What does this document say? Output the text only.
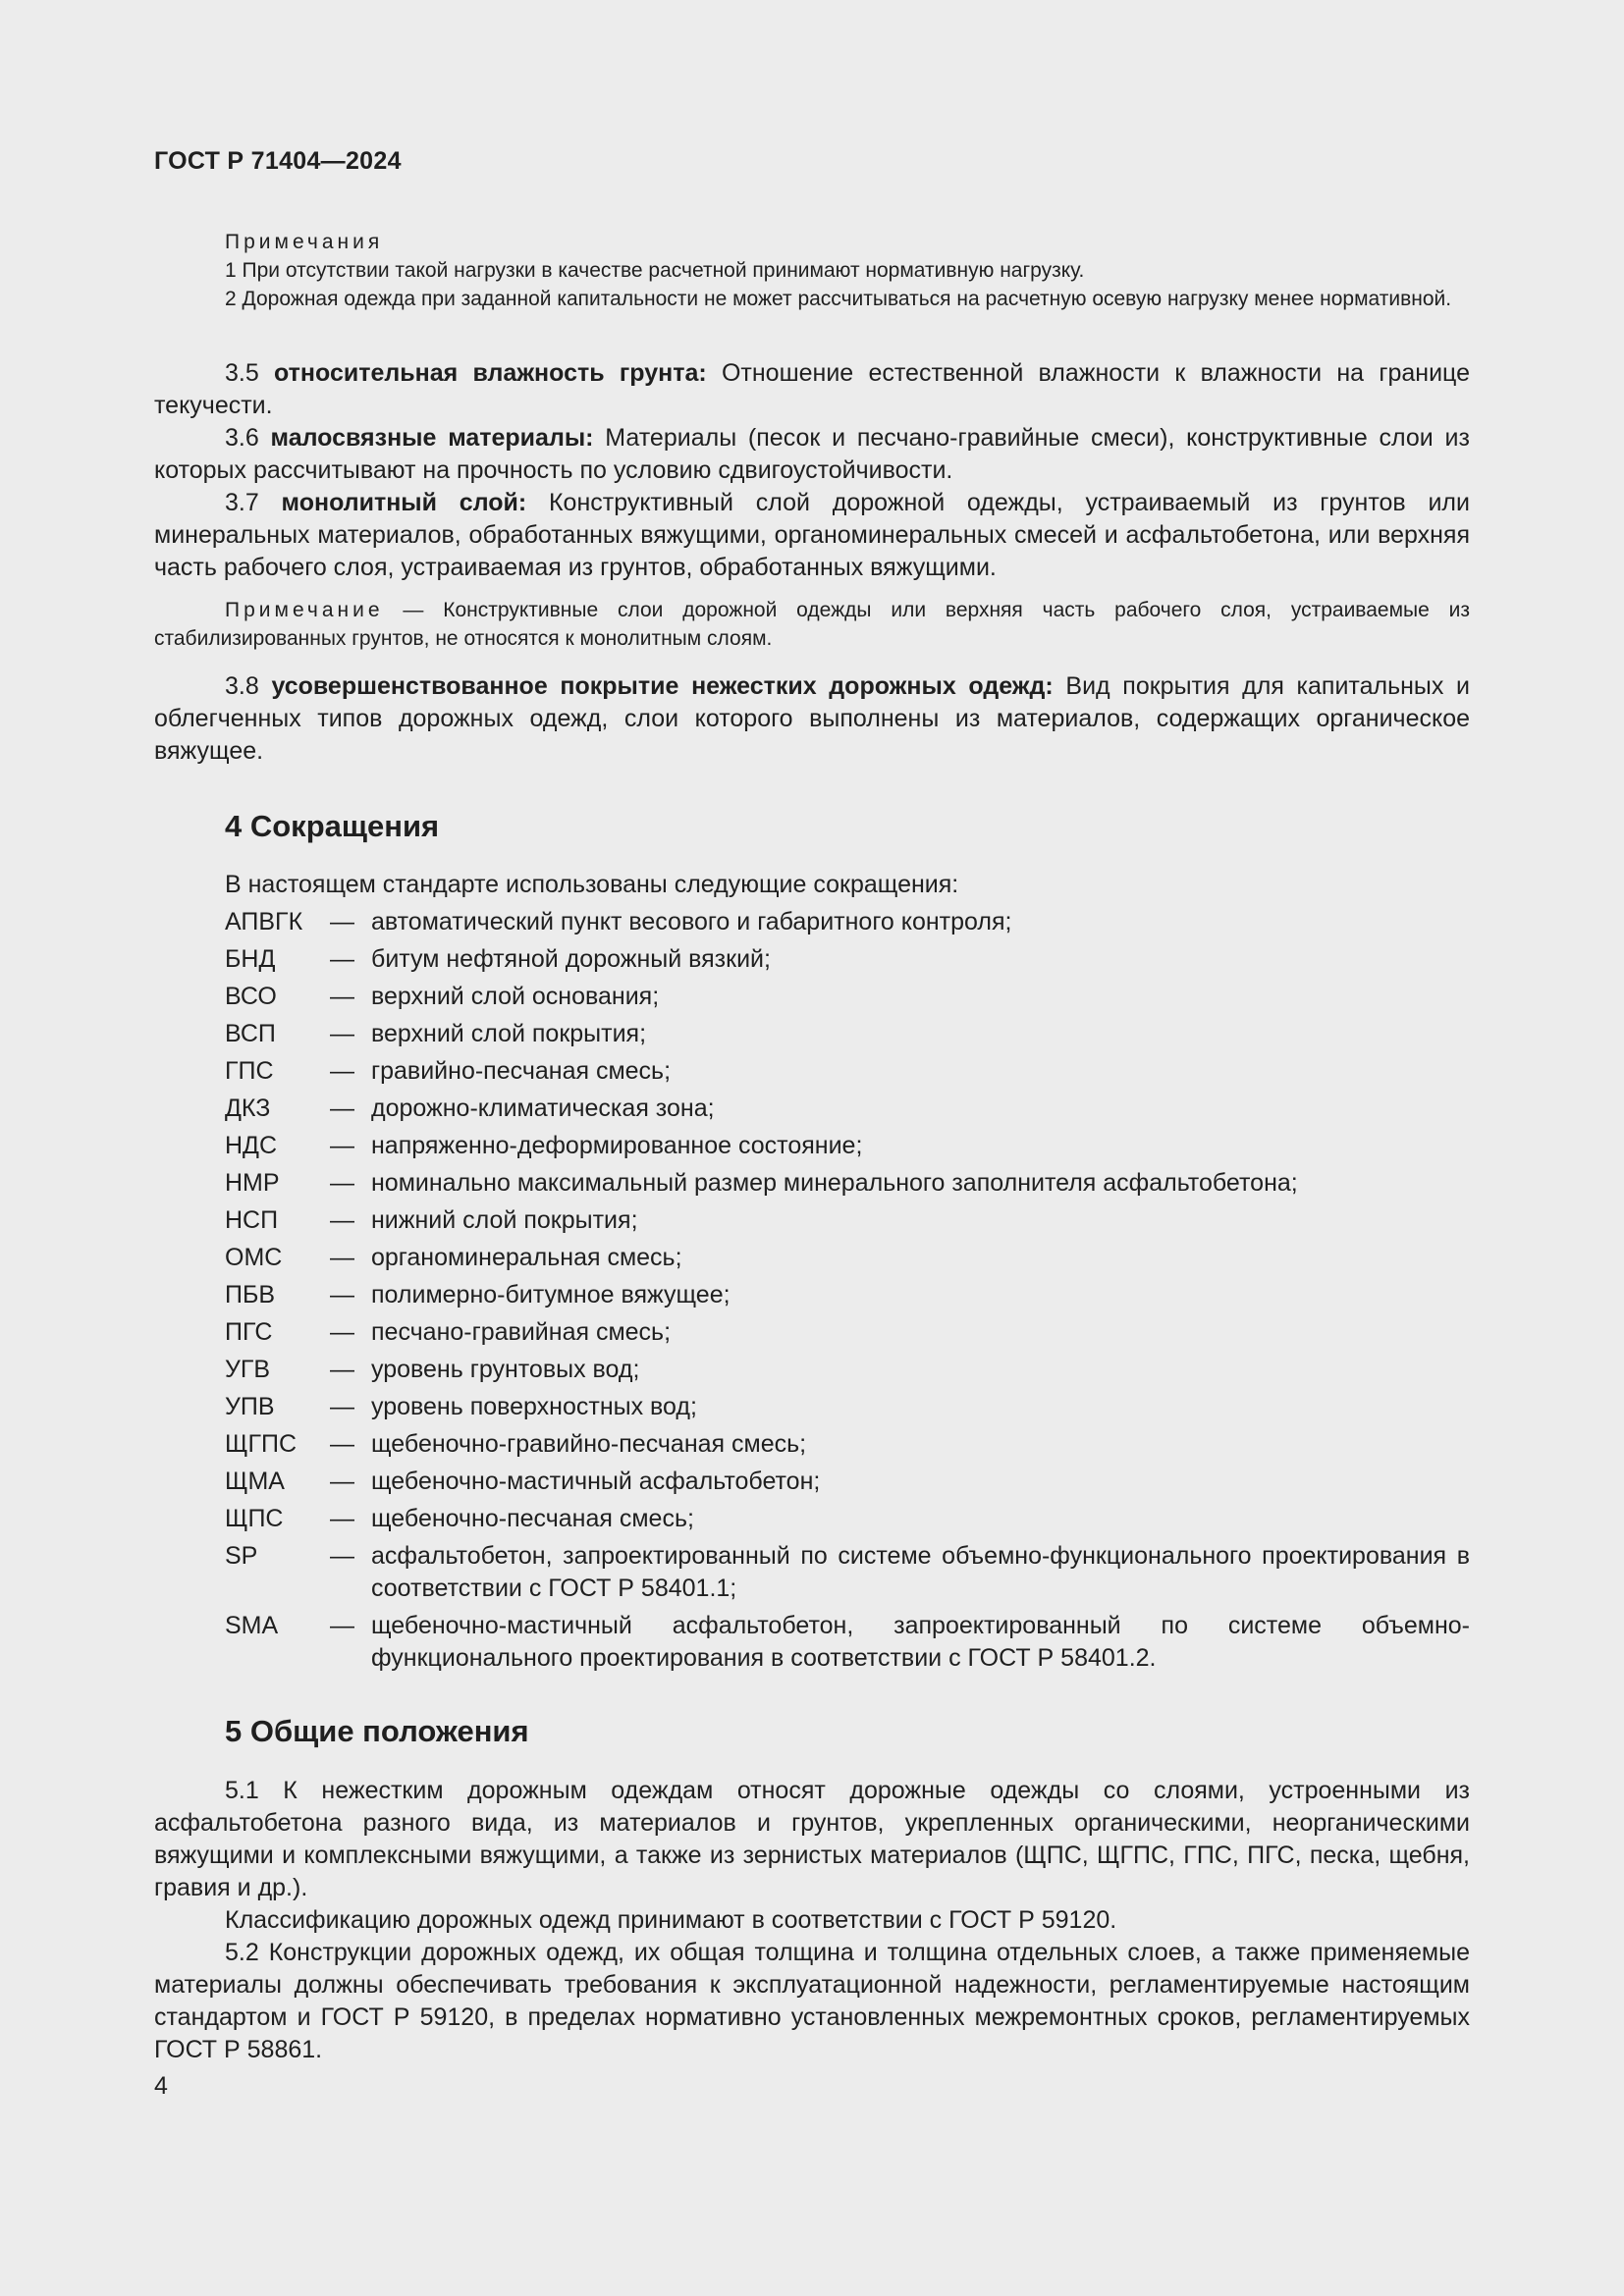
ГОСТ Р 71404—2024
Примечания
1 При отсутствии такой нагрузки в качестве расчетной принимают нормативную нагрузку.
2 Дорожная одежда при заданной капитальности не может рассчитываться на расчетную осевую нагрузку менее нормативной.
3.5 относительная влажность грунта: Отношение естественной влажности к влажности на границе текучести.
3.6 малосвязные материалы: Материалы (песок и песчано-гравийные смеси), конструктивные слои из которых рассчитывают на прочность по условию сдвигоустойчивости.
3.7 монолитный слой: Конструктивный слой дорожной одежды, устраиваемый из грунтов или минеральных материалов, обработанных вяжущими, органоминеральных смесей и асфальтобетона, или верхняя часть рабочего слоя, устраиваемая из грунтов, обработанных вяжущими.
Примечание — Конструктивные слои дорожной одежды или верхняя часть рабочего слоя, устраиваемые из стабилизированных грунтов, не относятся к монолитным слоям.
3.8 усовершенствованное покрытие нежестких дорожных одежд: Вид покрытия для капитальных и облегченных типов дорожных одежд, слои которого выполнены из материалов, содержащих органическое вяжущее.
4 Сокращения
В настоящем стандарте использованы следующие сокращения:
АПВГК	— автоматический пункт весового и габаритного контроля;
БНД	— битум нефтяной дорожный вязкий;
ВСО	— верхний слой основания;
ВСП	— верхний слой покрытия;
ГПС	— гравийно-песчаная смесь;
ДКЗ	— дорожно-климатическая зона;
НДС	— напряженно-деформированное состояние;
НМР	— номинально максимальный размер минерального заполнителя асфальтобетона;
НСП	— нижний слой покрытия;
ОМС	— органоминеральная смесь;
ПБВ	— полимерно-битумное вяжущее;
ПГС	— песчано-гравийная смесь;
УГВ	— уровень грунтовых вод;
УПВ	— уровень поверхностных вод;
ЩГПС	— щебеночно-гравийно-песчаная смесь;
ЩМА	— щебеночно-мастичный асфальтобетон;
ЩПС	— щебеночно-песчаная смесь;
SP	— асфальтобетон, запроектированный по системе объемно-функционального проектирования в соответствии с ГОСТ Р 58401.1;
SMA	— щебеночно-мастичный асфальтобетон, запроектированный по системе объемно-функционального проектирования в соответствии с ГОСТ Р 58401.2.
5 Общие положения
5.1 К нежестким дорожным одеждам относят дорожные одежды со слоями, устроенными из асфальтобетона разного вида, из материалов и грунтов, укрепленных органическими, неорганическими вяжущими и комплексными вяжущими, а также из зернистых материалов (ЩПС, ЩГПС, ГПС, ПГС, песка, щебня, гравия и др.).
Классификацию дорожных одежд принимают в соответствии с ГОСТ Р 59120.
5.2 Конструкции дорожных одежд, их общая толщина и толщина отдельных слоев, а также применяемые материалы должны обеспечивать требования к эксплуатационной надежности, регламентируемые настоящим стандартом и ГОСТ Р 59120, в пределах нормативно установленных межремонтных сроков, регламентируемых ГОСТ Р 58861.
4
